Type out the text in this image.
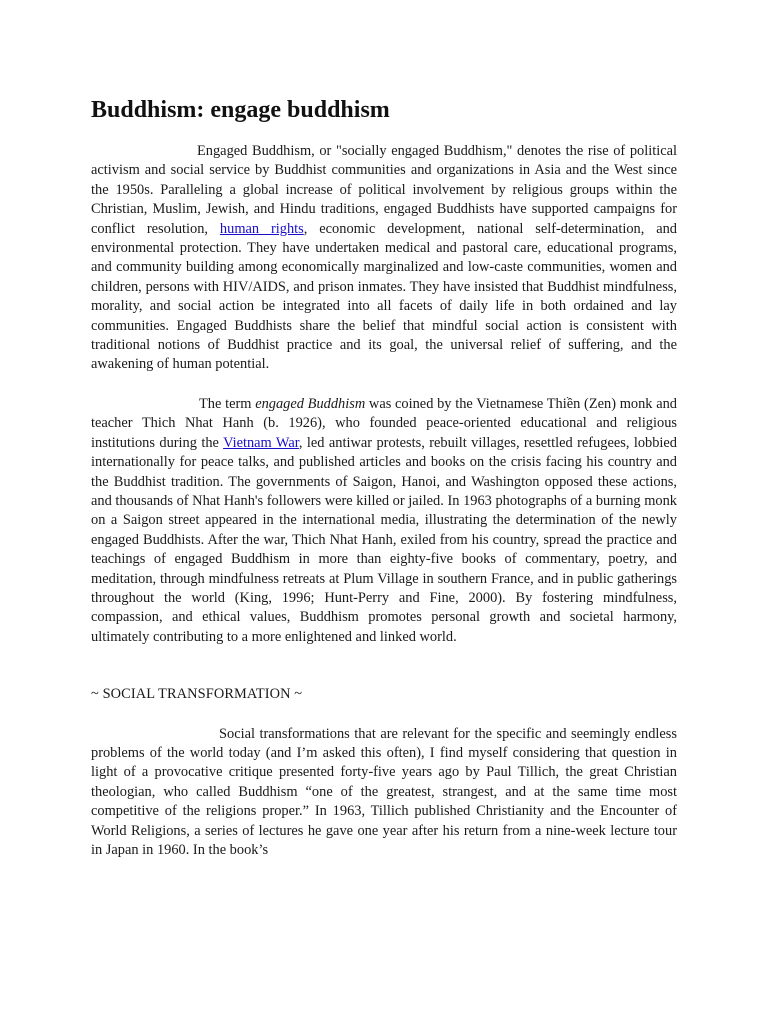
Buddhism: engage buddhism

Engaged Buddhism, or "socially engaged Buddhism," denotes the rise of political activism and social service by Buddhist communities and organizations in Asia and the West since the 1950s. Paralleling a global increase of political involvement by religious groups within the Christian, Muslim, Jewish, and Hindu traditions, engaged Buddhists have supported campaigns for conflict resolution, human rights, economic development, national self-determination, and environmental protection. They have undertaken medical and pastoral care, educational programs, and community building among economically marginalized and low-caste communities, women and children, persons with HIV/AIDS, and prison inmates. They have insisted that Buddhist mindfulness, morality, and social action be integrated into all facets of daily life in both ordained and lay communities. Engaged Buddhists share the belief that mindful social action is consistent with traditional notions of Buddhist practice and its goal, the universal relief of suffering, and the awakening of human potential.

The term engaged Buddhism was coined by the Vietnamese Thiền (Zen) monk and teacher Thich Nhat Hanh (b. 1926), who founded peace-oriented educational and religious institutions during the Vietnam War, led antiwar protests, rebuilt villages, resettled refugees, lobbied internationally for peace talks, and published articles and books on the crisis facing his country and the Buddhist tradition. The governments of Saigon, Hanoi, and Washington opposed these actions, and thousands of Nhat Hanh's followers were killed or jailed. In 1963 photographs of a burning monk on a Saigon street appeared in the international media, illustrating the determination of the newly engaged Buddhists. After the war, Thich Nhat Hanh, exiled from his country, spread the practice and teachings of engaged Buddhism in more than eighty-five books of commentary, poetry, and meditation, through mindfulness retreats at Plum Village in southern France, and in public gatherings throughout the world (King, 1996; Hunt-Perry and Fine, 2000). By fostering mindfulness, compassion, and ethical values, Buddhism promotes personal growth and societal harmony, ultimately contributing to a more enlightened and linked world.

~ SOCIAL TRANSFORMATION ~

Social transformations that are relevant for the specific and seemingly endless problems of the world today (and I’m asked this often), I find myself considering that question in light of a provocative critique presented forty-five years ago by Paul Tillich, the great Christian theologian, who called Buddhism “one of the greatest, strangest, and at the same time most competitive of the religions proper.” In 1963, Tillich published Christianity and the Encounter of World Religions, a series of lectures he gave one year after his return from a nine-week lecture tour in Japan in 1960. In the book’s
